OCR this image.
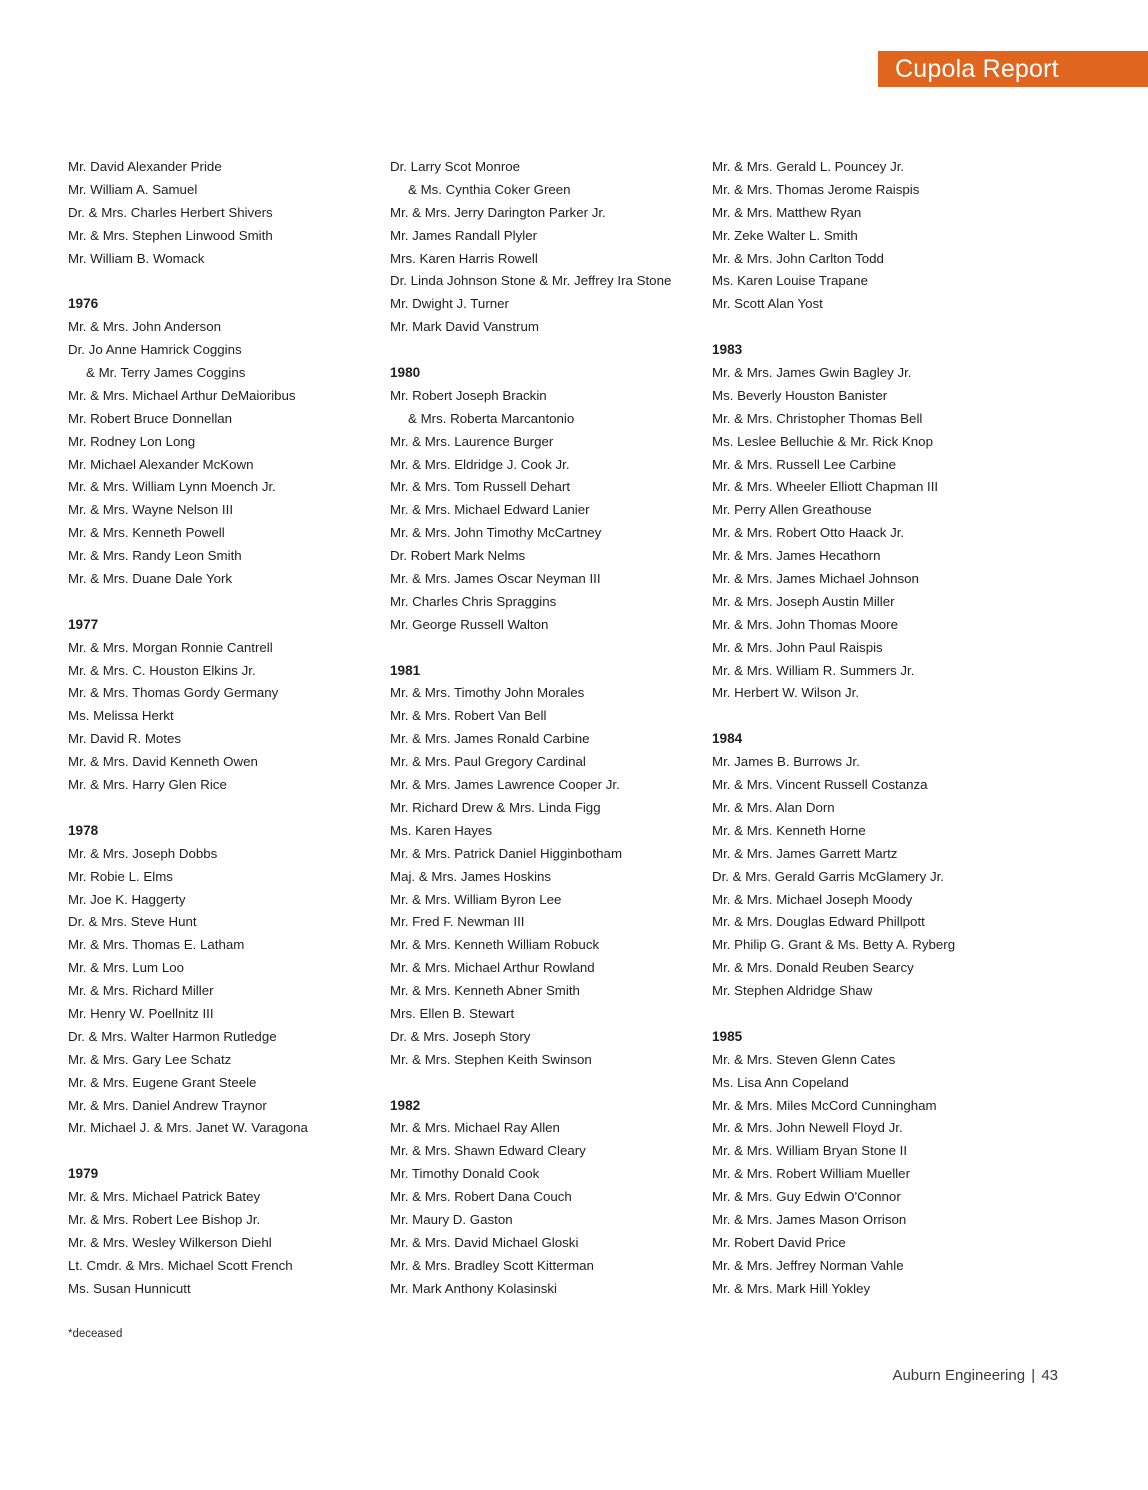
Cupola Report
Mr. David Alexander Pride
Mr. William A. Samuel
Dr. & Mrs. Charles Herbert Shivers
Mr. & Mrs. Stephen Linwood Smith
Mr. William B. Womack
1976
Mr. & Mrs. John Anderson
Dr. Jo Anne Hamrick Coggins
& Mr. Terry James Coggins
Mr. & Mrs. Michael Arthur DeMaioribus
Mr. Robert Bruce Donnellan
Mr. Rodney Lon Long
Mr. Michael Alexander McKown
Mr. & Mrs. William Lynn Moench Jr.
Mr. & Mrs. Wayne Nelson III
Mr. & Mrs. Kenneth Powell
Mr. & Mrs. Randy Leon Smith
Mr. & Mrs. Duane Dale York
1977
Mr. & Mrs. Morgan Ronnie Cantrell
Mr. & Mrs. C. Houston Elkins Jr.
Mr. & Mrs. Thomas Gordy Germany
Ms. Melissa Herkt
Mr. David R. Motes
Mr. & Mrs. David Kenneth Owen
Mr. & Mrs. Harry Glen Rice
1978
Mr. & Mrs. Joseph Dobbs
Mr. Robie L. Elms
Mr. Joe K. Haggerty
Dr. & Mrs. Steve Hunt
Mr. & Mrs. Thomas E. Latham
Mr. & Mrs. Lum Loo
Mr. & Mrs. Richard Miller
Mr. Henry W. Poellnitz III
Dr. & Mrs. Walter Harmon Rutledge
Mr. & Mrs. Gary Lee Schatz
Mr. & Mrs. Eugene Grant Steele
Mr. & Mrs. Daniel Andrew Traynor
Mr. Michael J. & Mrs. Janet W. Varagona
1979
Mr. & Mrs. Michael Patrick Batey
Mr. & Mrs. Robert Lee Bishop Jr.
Mr. & Mrs. Wesley Wilkerson Diehl
Lt. Cmdr. & Mrs. Michael Scott French
Ms. Susan Hunnicutt
Dr. Larry Scot Monroe
& Ms. Cynthia Coker Green
Mr. & Mrs. Jerry Darington Parker Jr.
Mr. James Randall Plyler
Mrs. Karen Harris Rowell
Dr. Linda Johnson Stone & Mr. Jeffrey Ira Stone
Mr. Dwight J. Turner
Mr. Mark David Vanstrum
1980
Mr. Robert Joseph Brackin
& Mrs. Roberta Marcantonio
Mr. & Mrs. Laurence Burger
Mr. & Mrs. Eldridge J. Cook Jr.
Mr. & Mrs. Tom Russell Dehart
Mr. & Mrs. Michael Edward Lanier
Mr. & Mrs. John Timothy McCartney
Dr. Robert Mark Nelms
Mr. & Mrs. James Oscar Neyman III
Mr. Charles Chris Spraggins
Mr. George Russell Walton
1981
Mr. & Mrs. Timothy John Morales
Mr. & Mrs. Robert Van Bell
Mr. & Mrs. James Ronald Carbine
Mr. & Mrs. Paul Gregory Cardinal
Mr. & Mrs. James Lawrence Cooper Jr.
Mr. Richard Drew & Mrs. Linda Figg
Ms. Karen Hayes
Mr. & Mrs. Patrick Daniel Higginbotham
Maj. & Mrs. James Hoskins
Mr. & Mrs. William Byron Lee
Mr. Fred F. Newman III
Mr. & Mrs. Kenneth William Robuck
Mr. & Mrs. Michael Arthur Rowland
Mr. & Mrs. Kenneth Abner Smith
Mrs. Ellen B. Stewart
Dr. & Mrs. Joseph Story
Mr. & Mrs. Stephen Keith Swinson
1982
Mr. & Mrs. Michael Ray Allen
Mr. & Mrs. Shawn Edward Cleary
Mr. Timothy Donald Cook
Mr. & Mrs. Robert Dana Couch
Mr. Maury D. Gaston
Mr. & Mrs. David Michael Gloski
Mr. & Mrs. Bradley Scott Kitterman
Mr. Mark Anthony Kolasinski
Mr. & Mrs. Gerald L. Pouncey Jr.
Mr. & Mrs. Thomas Jerome Raispis
Mr. & Mrs. Matthew Ryan
Mr. Zeke Walter L. Smith
Mr. & Mrs. John Carlton Todd
Ms. Karen Louise Trapane
Mr. Scott Alan Yost
1983
Mr. & Mrs. James Gwin Bagley Jr.
Ms. Beverly Houston Banister
Mr. & Mrs. Christopher Thomas Bell
Ms. Leslee Belluchie & Mr. Rick Knop
Mr. & Mrs. Russell Lee Carbine
Mr. & Mrs. Wheeler Elliott Chapman III
Mr. Perry Allen Greathouse
Mr. & Mrs. Robert Otto Haack Jr.
Mr. & Mrs. James Hecathorn
Mr. & Mrs. James Michael Johnson
Mr. & Mrs. Joseph Austin Miller
Mr. & Mrs. John Thomas Moore
Mr. & Mrs. John Paul Raispis
Mr. & Mrs. William R. Summers Jr.
Mr. Herbert W. Wilson Jr.
1984
Mr. James B. Burrows Jr.
Mr. & Mrs. Vincent Russell Costanza
Mr. & Mrs. Alan Dorn
Mr. & Mrs. Kenneth Horne
Mr. & Mrs. James Garrett Martz
Dr. & Mrs. Gerald Garris McGlamery Jr.
Mr. & Mrs. Michael Joseph Moody
Mr. & Mrs. Douglas Edward Phillpott
Mr. Philip G. Grant & Ms. Betty A. Ryberg
Mr. & Mrs. Donald Reuben Searcy
Mr. Stephen Aldridge Shaw
1985
Mr. & Mrs. Steven Glenn Cates
Ms. Lisa Ann Copeland
Mr. & Mrs. Miles McCord Cunningham
Mr. & Mrs. John Newell Floyd Jr.
Mr. & Mrs. William Bryan Stone II
Mr. & Mrs. Robert William Mueller
Mr. & Mrs. Guy Edwin O'Connor
Mr. & Mrs. James Mason Orrison
Mr. Robert David Price
Mr. & Mrs. Jeffrey Norman Vahle
Mr. & Mrs. Mark Hill Yokley
*deceased
Auburn Engineering | 43
